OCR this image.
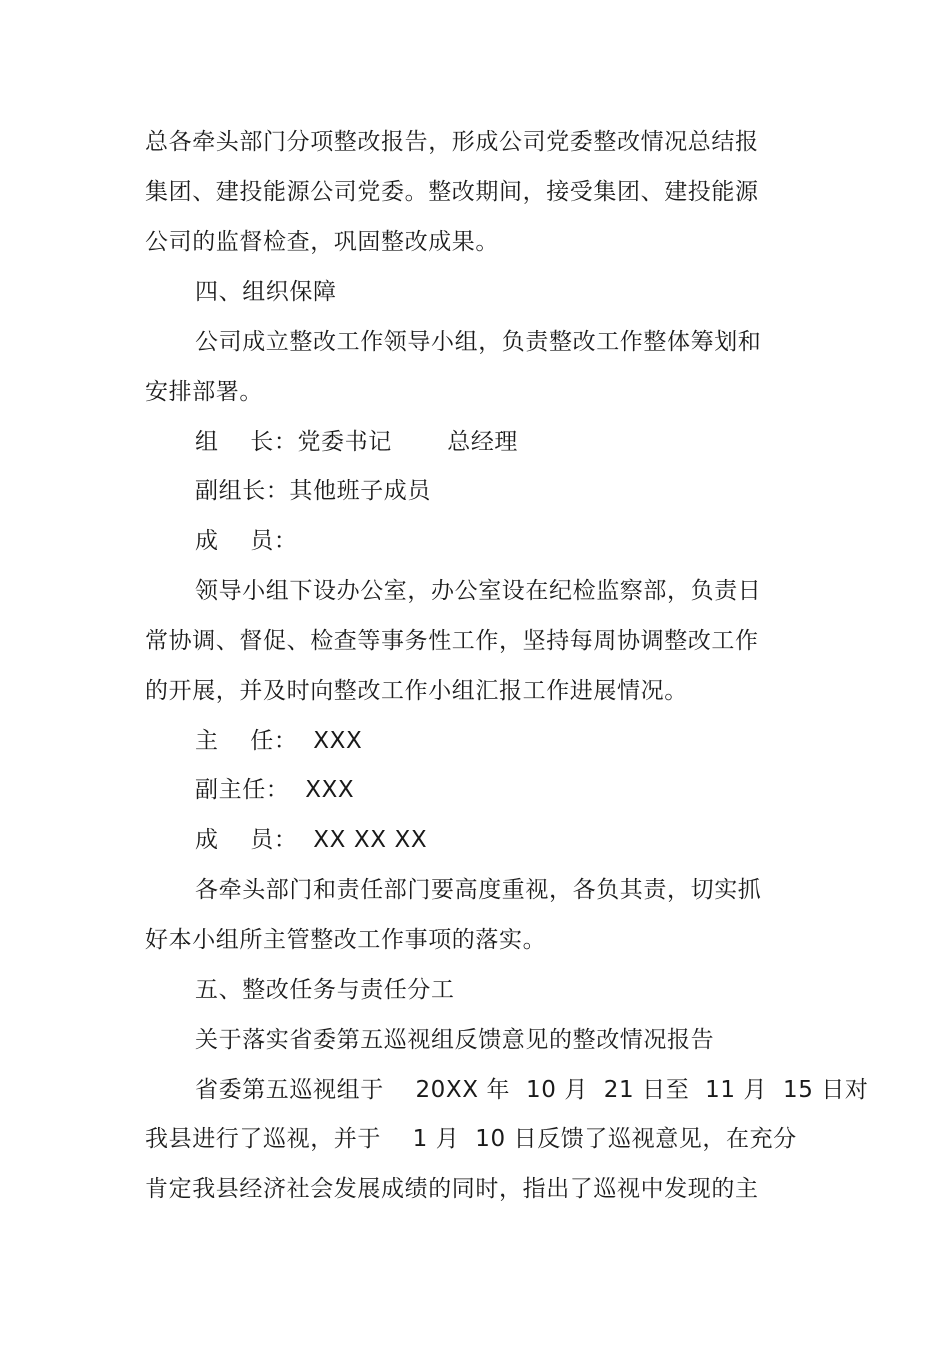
总各牵头部门分项整改报告，形成公司党委整改情况总结报
集团、建投能源公司党委。整改期间，接受集团、建投能源
公司的监督检查，巩固整改成果。
四、组织保障
公司成立整改工作领导小组，负责整改工作整体筹划和
安排部署。
组    长：党委书记       总经理
副组长：其他班子成员
成    员：
领导小组下设办公室，办公室设在纪检监察部，负责日
常协调、督促、检查等事务性工作，坚持每周协调整改工作
的开展，并及时向整改工作小组汇报工作进展情况。
主    任：  XXX
副主任：  XXX
成    员：  XX XX XX
各牵头部门和责任部门要高度重视，各负其责，切实抓
好本小组所主管整改工作事项的落实。
五、整改任务与责任分工
关于落实省委第五巡视组反馈意见的整改情况报告
省委第五巡视组于    20XX 年  10 月  21 日至  11 月  15 日对
我县进行了巡视，并于    1 月  10 日反馈了巡视意见，在充分
肯定我县经济社会发展成绩的同时，指出了巡视中发现的主
